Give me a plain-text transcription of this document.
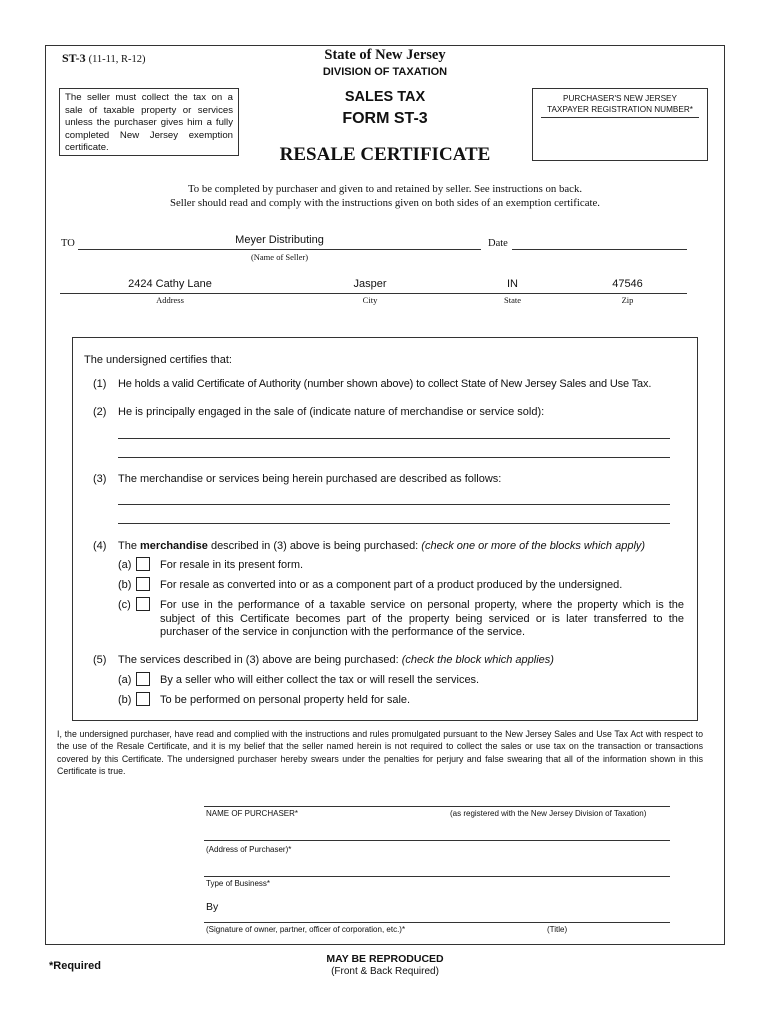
ST-3 (11-11, R-12)	State of New Jersey
DIVISION OF TAXATION
The seller must collect the tax on a sale of taxable property or services unless the purchaser gives him a fully completed New Jersey exemption certificate.
SALES TAX
FORM ST-3
PURCHASER'S NEW JERSEY
TAXPAYER REGISTRATION NUMBER*
RESALE CERTIFICATE
To be completed by purchaser and given to and retained by seller. See instructions on back.
Seller should read and comply with the instructions given on both sides of an exemption certificate.
TO	Meyer Distributing
(Name of Seller)
Date
2424 Cathy Lane	Jasper	IN	47546
Address	City	State	Zip
The undersigned certifies that:
(1) He holds a valid Certificate of Authority (number shown above) to collect State of New Jersey Sales and Use Tax.
(2) He is principally engaged in the sale of (indicate nature of merchandise or service sold):
(3) The merchandise or services being herein purchased are described as follows:
(4) The merchandise described in (3) above is being purchased: (check one or more of the blocks which apply)
(a)	For resale in its present form.
(b)	For resale as converted into or as a component part of a product produced by the undersigned.
(c)	For use in the performance of a taxable service on personal property, where the property which is the subject of this Certificate becomes part of the property being serviced or is later transferred to the purchaser of the service in conjunction with the performance of the service.
(5) The services described in (3) above are being purchased: (check the block which applies)
(a)	By a seller who will either collect the tax or will resell the services.
(b)	To be performed on personal property held for sale.
I, the undersigned purchaser, have read and complied with the instructions and rules promulgated pursuant to the New Jersey Sales and Use Tax Act with respect to the use of the Resale Certificate, and it is my belief that the seller named herein is not required to collect the sales or use tax on the transaction or transactions covered by this Certificate. The undersigned purchaser hereby swears under the penalties for perjury and false swearing that all of the information shown in this Certificate is true.
NAME OF PURCHASER*	(as registered with the New Jersey Division of Taxation)
(Address of Purchaser)*
Type of Business*
By
(Signature of owner, partner, officer of corporation, etc.)*	(Title)
*Required
MAY BE REPRODUCED
(Front & Back Required)
